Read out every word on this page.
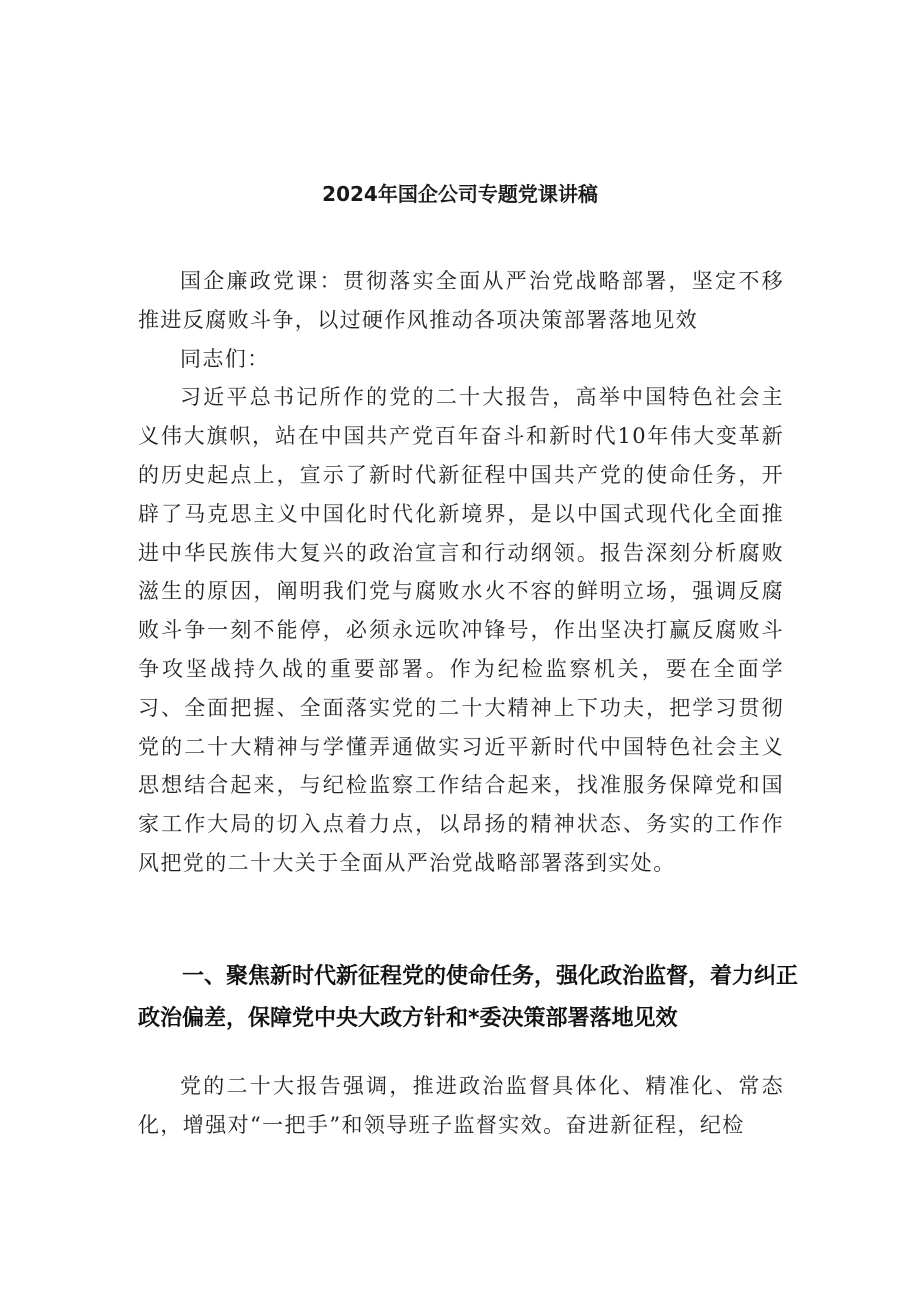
2024年国企公司专题党课讲稿

国企廉政党课：贯彻落实全面从严治党战略部署，坚定不移推进反腐败斗争，以过硬作风推动各项决策部署落地见效

同志们：

习近平总书记所作的党的二十大报告，高举中国特色社会主义伟大旗帜，站在中国共产党百年奋斗和新时代10年伟大变革新的历史起点上，宣示了新时代新征程中国共产党的使命任务，开辟了马克思主义中国化时代化新境界，是以中国式现代化全面推进中华民族伟大复兴的政治宣言和行动纲领。报告深刻分析腐败滋生的原因，阐明我们党与腐败水火不容的鲜明立场，强调反腐败斗争一刻不能停，必须永远吹冲锋号，作出坚决打赢反腐败斗争攻坚战持久战的重要部署。作为纪检监察机关，要在全面学习、全面把握、全面落实党的二十大精神上下功夫，把学习贯彻党的二十大精神与学懂弄通做实习近平新时代中国特色社会主义思想结合起来，与纪检监察工作结合起来，找准服务保障党和国家工作大局的切入点着力点，以昂扬的精神状态、务实的工作作风把党的二十大关于全面从严治党战略部署落到实处。

一、聚焦新时代新征程党的使命任务，强化政治监督，着力纠正政治偏差，保障党中央大政方针和*委决策部署落地见效

党的二十大报告强调，推进政治监督具体化、精准化、常态化，增强对“一把手”和领导班子监督实效。奋进新征程，纪检
